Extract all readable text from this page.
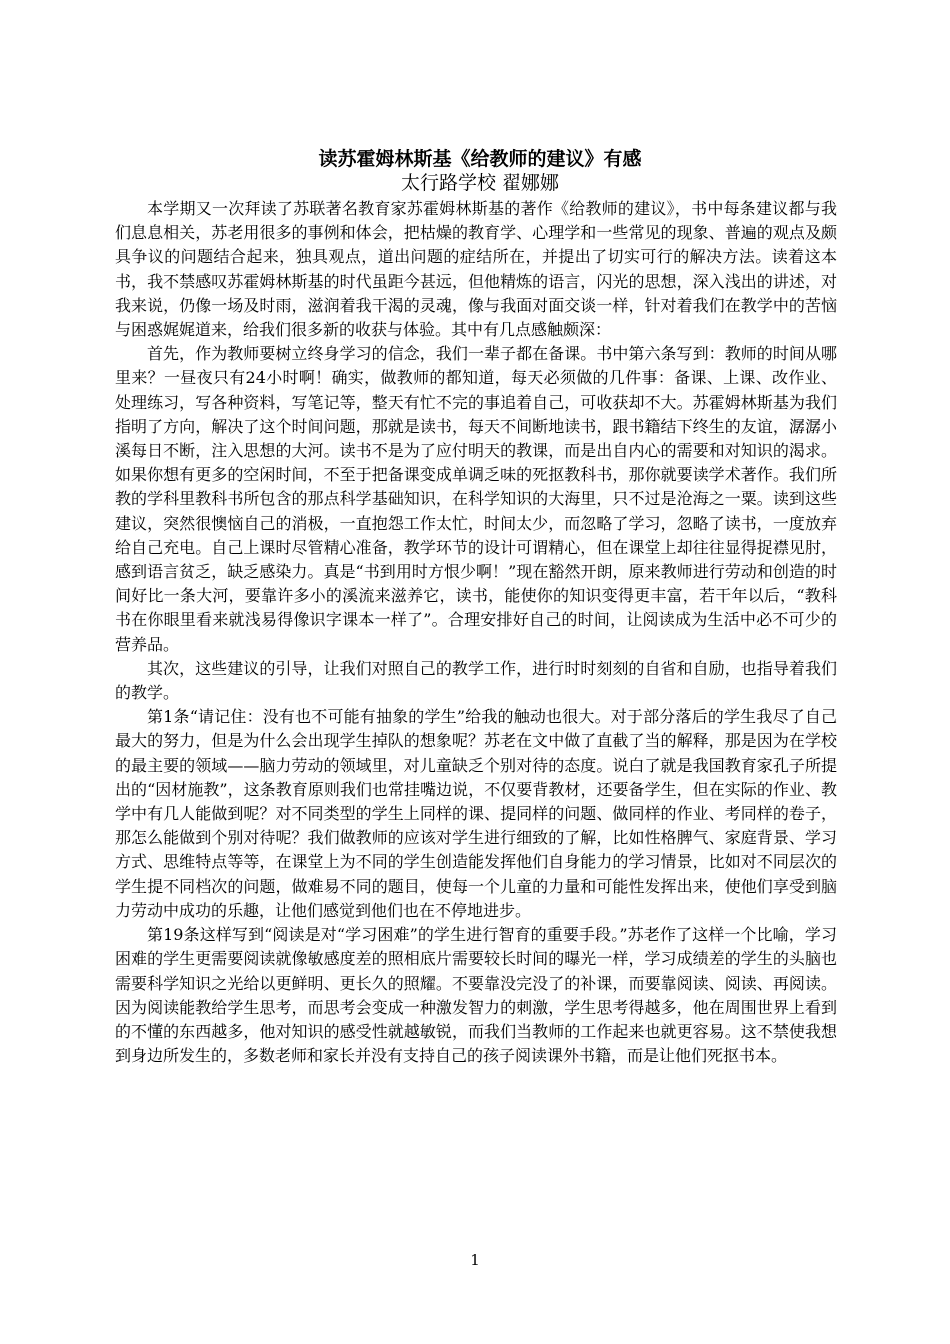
读苏霍姆林斯基《给教师的建议》有感

太行路学校 翟娜娜

本学期又一次拜读了苏联著名教育家苏霍姆林斯基的著作《给教师的建议》，书中每条建议都与我们息息相关，苏老用很多的事例和体会，把枯燥的教育学、心理学和一些常见的现象、普遍的观点及颇具争议的问题结合起来，独具观点，道出问题的症结所在，并提出了切实可行的解决方法。读着这本书，我不禁感叹苏霍姆林斯基的时代虽距今甚远，但他精炼的语言，闪光的思想，深入浅出的讲述，对我来说，仍像一场及时雨，滋润着我干渴的灵魂，像与我面对面交谈一样，针对着我们在教学中的苦恼与困惑娓娓道来，给我们很多新的收获与体验。其中有几点感触颇深：

首先，作为教师要树立终身学习的信念，我们一辈子都在备课。书中第六条写到：教师的时间从哪里来？一昼夜只有24小时啊！确实，做教师的都知道，每天必须做的几件事：备课、上课、改作业、处理练习，写各种资料，写笔记等，整天有忙不完的事追着自己，可收获却不大。苏霍姆林斯基为我们指明了方向，解决了这个时间问题，那就是读书，每天不间断地读书，跟书籍结下终生的友谊，潺潺小溪每日不断，注入思想的大河。读书不是为了应付明天的教课，而是出自内心的需要和对知识的渴求。如果你想有更多的空闲时间，不至于把备课变成单调乏味的死抠教科书，那你就要读学术著作。我们所教的学科里教科书所包含的那点科学基础知识，在科学知识的大海里，只不过是沧海之一粟。读到这些建议，突然很懊恼自己的消极，一直抱怨工作太忙，时间太少，而忽略了学习，忽略了读书，一度放弃给自己充电。自己上课时尽管精心准备，教学环节的设计可谓精心，但在课堂上却往往显得捉襟见肘，感到语言贫乏，缺乏感染力。真是“书到用时方恨少啊！”现在豁然开朗，原来教师进行劳动和创造的时间好比一条大河，要靠许多小的溪流来滋养它，读书，能使你的知识变得更丰富，若干年以后，“教科书在你眼里看来就浅易得像识字课本一样了”。合理安排好自己的时间，让阅读成为生活中必不可少的营养品。

其次，这些建议的引导，让我们对照自己的教学工作，进行时时刻刻的自省和自励，也指导着我们的教学。

第1条“请记住：没有也不可能有抽象的学生”给我的触动也很大。对于部分落后的学生我尽了自己最大的努力，但是为什么会出现学生掉队的想象呢？苏老在文中做了直截了当的解释，那是因为在学校的最主要的领域——脑力劳动的领域里，对儿童缺乏个别对待的态度。说白了就是我国教育家孔子所提出的“因材施教”，这条教育原则我们也常挂嘴边说，不仅要背教材，还要备学生，但在实际的作业、教学中有几人能做到呢？对不同类型的学生上同样的课、提同样的问题、做同样的作业、考同样的卷子，那怎么能做到个别对待呢？我们做教师的应该对学生进行细致的了解，比如性格脾气、家庭背景、学习方式、思维特点等等，在课堂上为不同的学生创造能发挥他们自身能力的学习情景，比如对不同层次的学生提不同档次的问题，做难易不同的题目，使每一个儿童的力量和可能性发挥出来，使他们享受到脑力劳动中成功的乐趣，让他们感觉到他们也在不停地进步。

第19条这样写到“阅读是对“学习困难”的学生进行智育的重要手段。”苏老作了这样一个比喻，学习困难的学生更需要阅读就像敏感度差的照相底片需要较长时间的曝光一样，学习成绩差的学生的头脑也需要科学知识之光给以更鲜明、更长久的照耀。不要靠没完没了的补课，而要靠阅读、阅读、再阅读。因为阅读能教给学生思考，而思考会变成一种激发智力的刺激，学生思考得越多，他在周围世界上看到的不懂的东西越多，他对知识的感受性就越敏锐，而我们当教师的工作起来也就更容易。这不禁使我想到身边所发生的，多数老师和家长并没有支持自己的孩子阅读课外书籍，而是让他们死抠书本。

1
